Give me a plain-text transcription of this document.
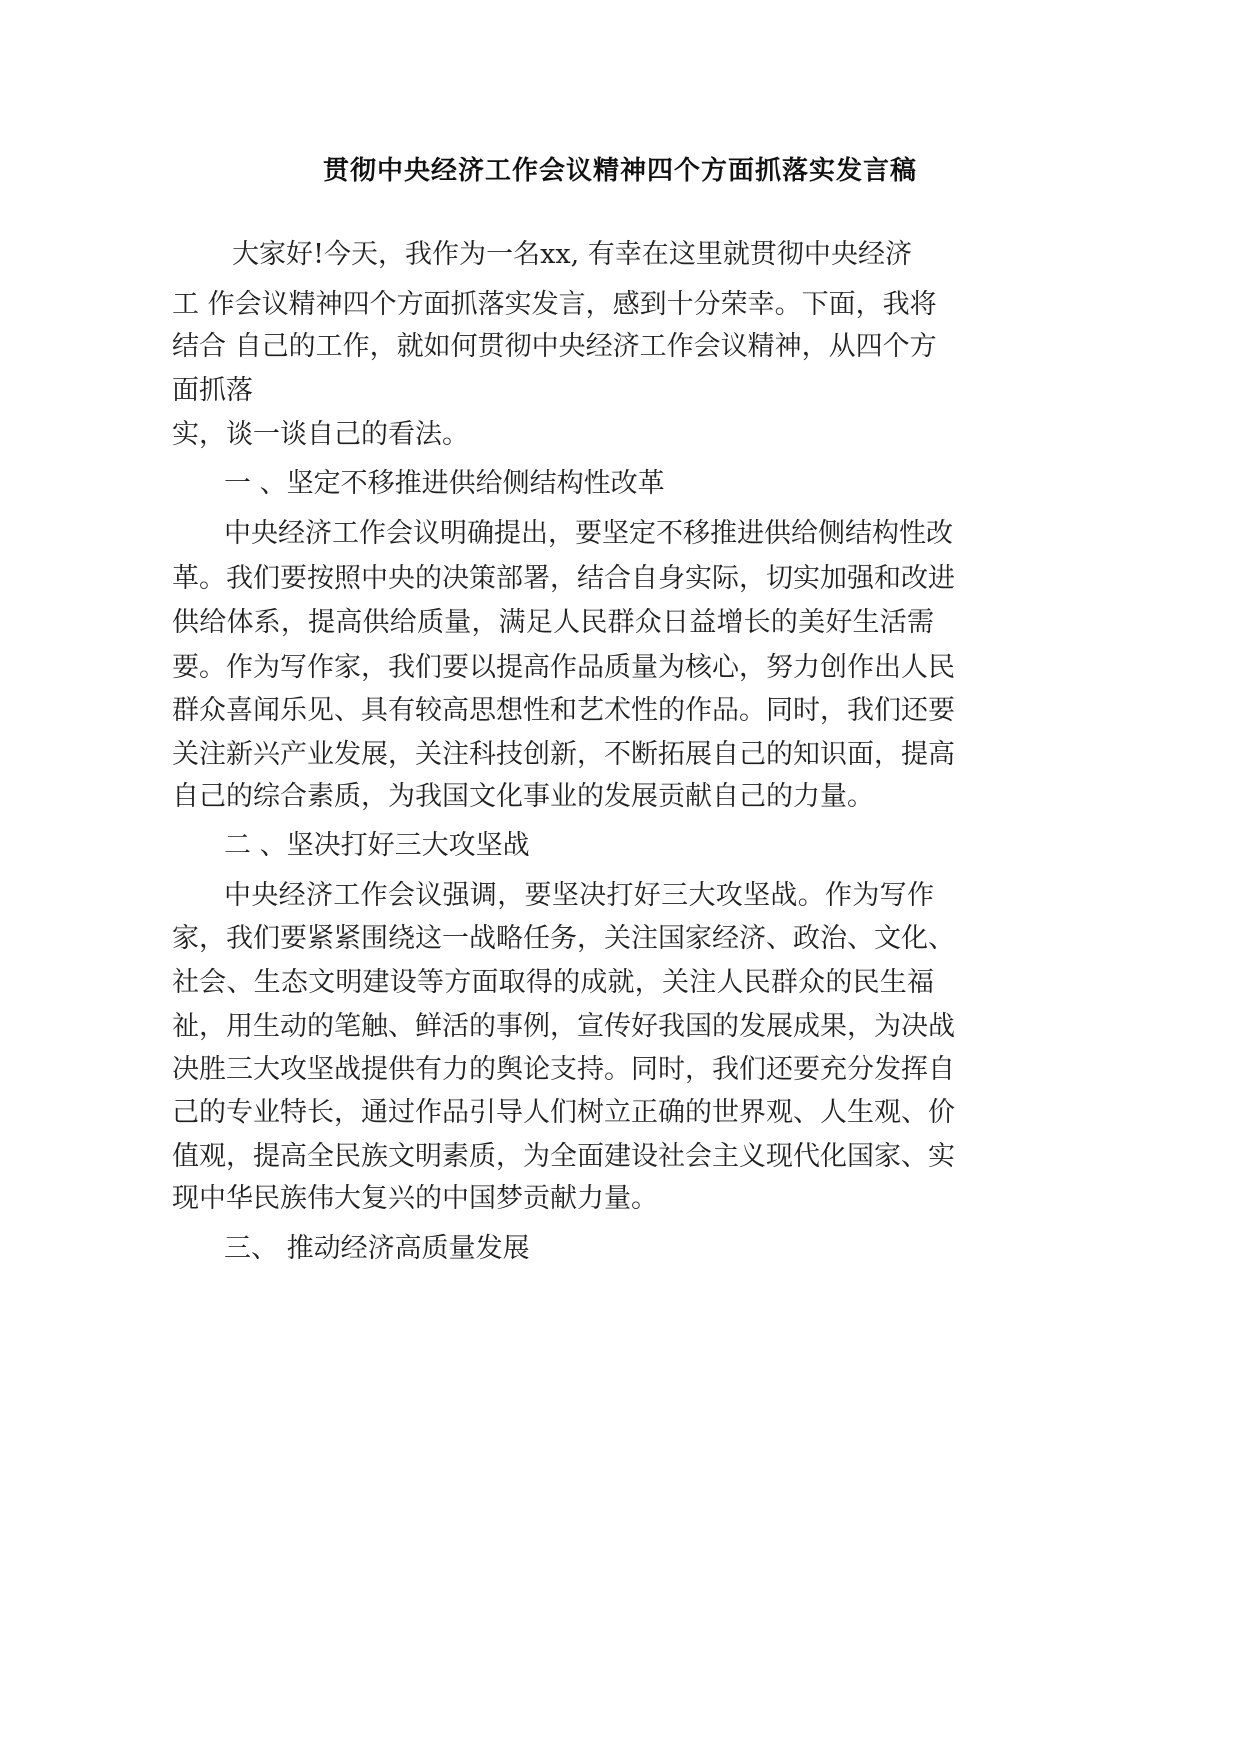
贯彻中央经济工作会议精神四个方面抓落实发言稿
大家好!今天，我作为一名xx, 有幸在这里就贯彻中央经济
工 作会议精神四个方面抓落实发言，感到十分荣幸。下面，我将
结合 自己的工作，就如何贯彻中央经济工作会议精神，从四个方
面抓落
实，谈一谈自己的看法。
一 、坚定不移推进供给侧结构性改革
中央经济工作会议明确提出，要坚定不移推进供给侧结构性改
革。我们要按照中央的决策部署，结合自身实际，切实加强和改进
供给体系，提高供给质量，满足人民群众日益增长的美好生活需
要。作为写作家，我们要以提高作品质量为核心，努力创作出人民
群众喜闻乐见、具有较高思想性和艺术性的作品。同时，我们还要
关注新兴产业发展，关注科技创新，不断拓展自己的知识面，提高
自己的综合素质，为我国文化事业的发展贡献自己的力量。
二 、坚决打好三大攻坚战
中央经济工作会议强调，要坚决打好三大攻坚战。作为写作
家，我们要紧紧围绕这一战略任务，关注国家经济、政治、文化、
社会、生态文明建设等方面取得的成就，关注人民群众的民生福
祉，用生动的笔触、鲜活的事例，宣传好我国的发展成果，为决战
决胜三大攻坚战提供有力的舆论支持。同时，我们还要充分发挥自
己的专业特长，通过作品引导人们树立正确的世界观、人生观、价
值观，提高全民族文明素质，为全面建设社会主义现代化国家、实
现中华民族伟大复兴的中国梦贡献力量。
三、 推动经济高质量发展
